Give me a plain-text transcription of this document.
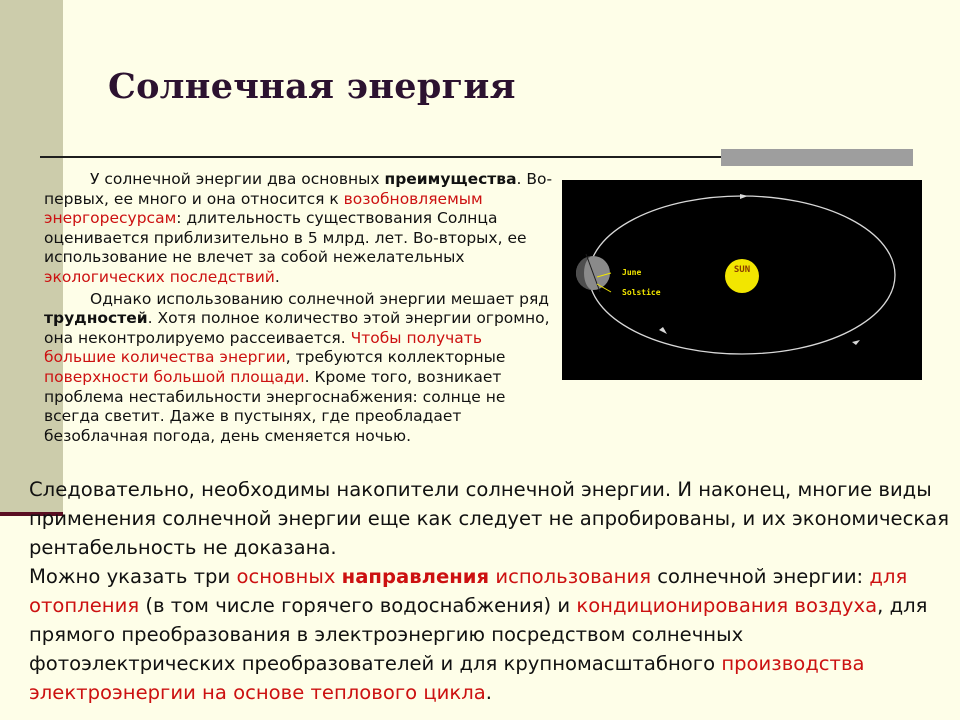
Солнечная энергия

У солнечной энергии два основных преимущества. Во-первых, ее много и она относится к возобновляемым энергоресурсам: длительность существования Солнца оценивается приблизительно в 5 млрд. лет. Во-вторых, ее использование не влечет за собой нежелательных экологических последствий.

Однако использованию солнечной энергии мешает ряд трудностей. Хотя полное количество этой энергии огромно, она неконтролируемо рассеивается. Чтобы получать большие количества энергии, требуются коллекторные поверхности большой площади. Кроме того, возникает проблема нестабильности энергоснабжения: солнце не всегда светит. Даже в пустынях, где преобладает безоблачная погода, день сменяется ночью.

SUN
June
Solstice

Следовательно, необходимы накопители солнечной энергии. И наконец, многие виды применения солнечной энергии еще как следует не апробированы, и их экономическая рентабельность не доказана.

Можно указать три основных направления использования солнечной энергии: для отопления (в том числе горячего водоснабжения) и кондиционирования воздуха, для прямого преобразования в электроэнергию посредством солнечных фотоэлектрических преобразователей и для крупномасштабного производства электроэнергии на основе теплового цикла.
